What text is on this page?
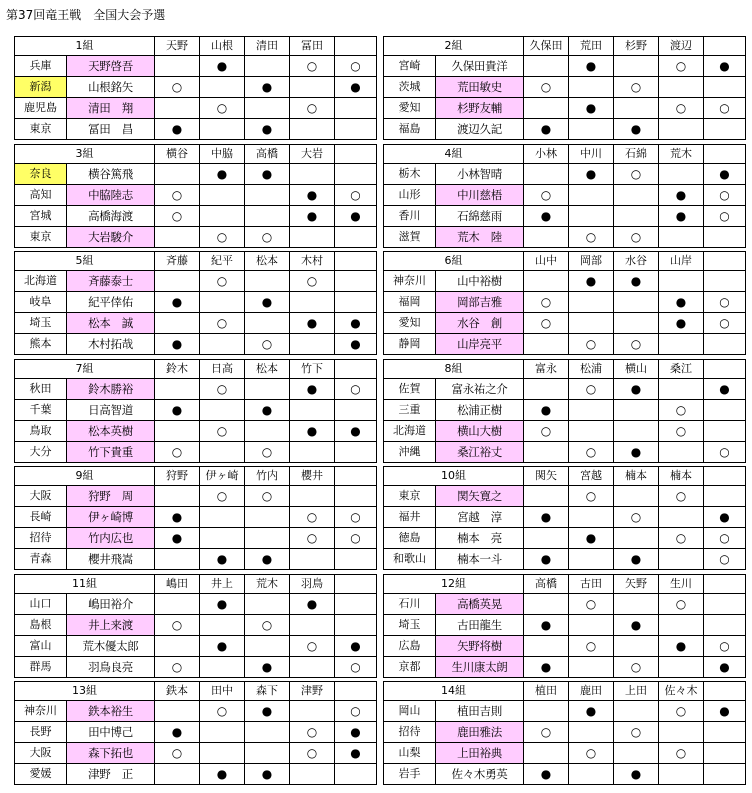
第37回竜王戦　全国大会予選
1組		天野	山根	清田	冨田	
兵庫	天野啓吾		●		○	○
新潟	山根銘矢	○		●		●
鹿児島	清田　翔		○		○	
東京	冨田　昌	●		●		
2組		久保田	荒田	杉野	渡辺	
宮崎	久保田貴洋		●		○	●
茨城	荒田敏史	○		○		
愛知	杉野友輔		●		○	○
福島	渡辺久記	●		●		
3組		横谷	中脇	高橋	大岩	
奈良	横谷篤飛		●	●		
高知	中脇陸志	○			●	○
宮城	高橋海渡	○			●	●
東京	大岩駿介		○	○		
4組		小林	中川	石綿	荒木	
栃木	小林智晴		●	○		●
山形	中川慈梧	○			●	○
香川	石綿慈雨	●			●	○
滋賀	荒木　陸		○	○		
5組		斉藤	紀平	松本	木村	
北海道	斉藤泰士		○		○	
岐阜	紀平倖佑	●		●		
埼玉	松本　誠		○		●	●
熊本	木村拓哉	●		○		●
6組		山中	岡部	水谷	山岸	
神奈川	山中裕樹		●	●		
福岡	岡部吉雅	○			●	○
愛知	水谷　創	○			●	○
静岡	山岸亮平		○	○		
7組		鈴木	日高	松本	竹下	
秋田	鈴木勝裕		○		●	○
千葉	日高智道	●		●		
鳥取	松本英樹		○		●	●
大分	竹下貴重	○		○		
8組		富永	松浦	横山	桑江	
佐賀	富永祐之介		○	●		●
三重	松浦正樹	●			○	
北海道	横山大樹	○			○	
沖縄	桑江裕丈		○	●		○
9組		狩野	伊ヶ崎	竹内	櫻井	
大阪	狩野　周		○	○		
長崎	伊ヶ崎博	●			○	○
招待	竹内広也	●			○	○
青森	櫻井飛嵩		●	●		
10組		関矢	宮越	楠本	楠本	
東京	関矢寛之		○		○	
福井	宮越　淳	●		○		●
徳島	楠本　亮		●		○	○
和歌山	楠本一斗	●		●		○
11組		嶋田	井上	荒木	羽鳥	
山口	嶋田裕介		●		●	
島根	井上来渡	○		○		
富山	荒木優太郎		●		○	●
群馬	羽鳥良亮	○		●		○
12組		高橋	古田	矢野	生川	
石川	高橋英晃		○		○	
埼玉	古田龍生	●		●		
広島	矢野将樹		○		●	○
京都	生川康太朗	●		○		●
13組		鉄本	田中	森下	津野	
神奈川	鉄本裕生		○	●		○
長野	田中博己	●			○	●
大阪	森下拓也	○			○	●
愛媛	津野　正		●	●		
14組		植田	鹿田	上田	佐々木	
岡山	植田吉則		●		○	●
招待	鹿田雅法	○		○		
山梨	上田裕典		○		○	
岩手	佐々木勇英	●		●		
